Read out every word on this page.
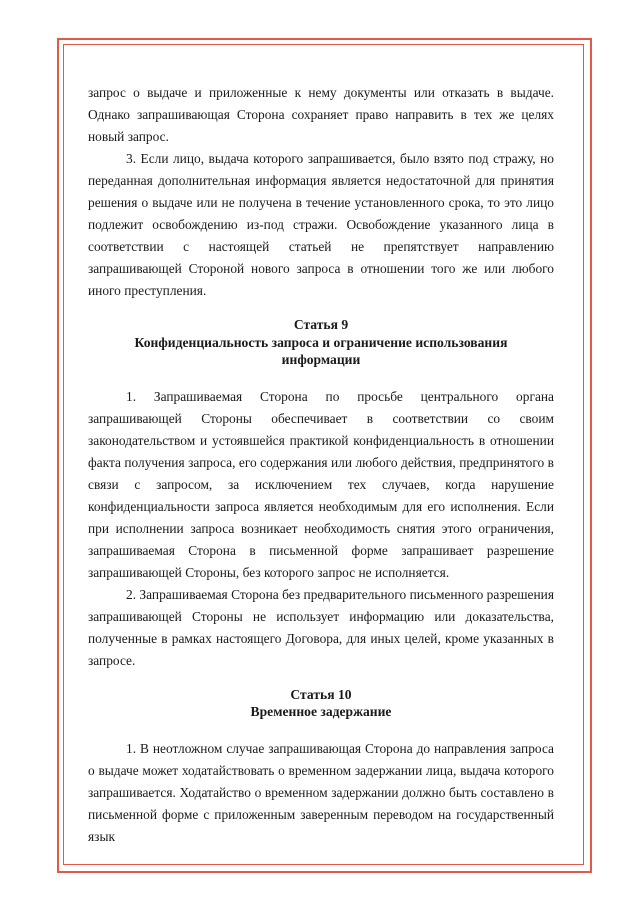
запрос о выдаче и приложенные к нему документы или отказать в выдаче. Однако запрашивающая Сторона сохраняет право направить в тех же целях новый запрос.

3. Если лицо, выдача которого запрашивается, было взято под стражу, но переданная дополнительная информация является недостаточной для принятия решения о выдаче или не получена в течение установленного срока, то это лицо подлежит освобождению из-под стражи. Освобождение указанного лица в соответствии с настоящей статьей не препятствует направлению запрашивающей Стороной нового запроса в отношении того же или любого иного преступления.

Статья 9
Конфиденциальность запроса и ограничение использования
информации

1. Запрашиваемая Сторона по просьбе центрального органа запрашивающей Стороны обеспечивает в соответствии со своим законодательством и устоявшейся практикой конфиденциальность в отношении факта получения запроса, его содержания или любого действия, предпринятого в связи с запросом, за исключением тех случаев, когда нарушение конфиденциальности запроса является необходимым для его исполнения. Если при исполнении запроса возникает необходимость снятия этого ограничения, запрашиваемая Сторона в письменной форме запрашивает разрешение запрашивающей Стороны, без которого запрос не исполняется.

2. Запрашиваемая Сторона без предварительного письменного разрешения запрашивающей Стороны не использует информацию или доказательства, полученные в рамках настоящего Договора, для иных целей, кроме указанных в запросе.

Статья 10
Временное задержание

1. В неотложном случае запрашивающая Сторона до направления запроса о выдаче может ходатайствовать о временном задержании лица, выдача которого запрашивается. Ходатайство о временном задержании должно быть составлено в письменной форме с приложенным заверенным переводом на государственный язык
